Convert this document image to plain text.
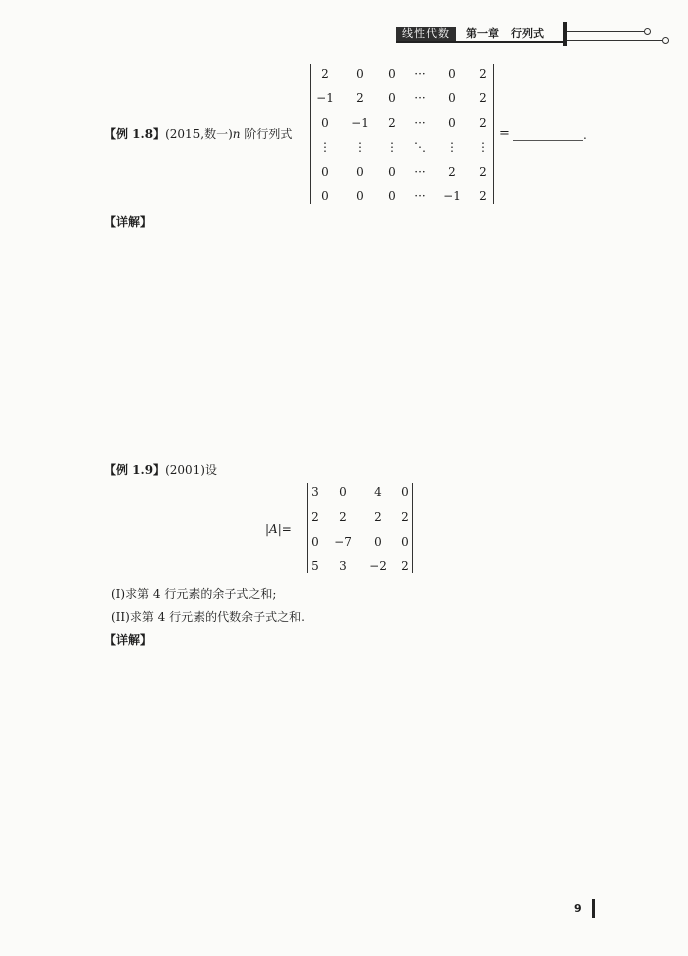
线性代数	第一章 行列式
【例 1.8】(2015,数一)n 阶行列式
2	0	0	···	0	2
−1	2	0	···	0	2
0	−1	2	···	0	2
⋮	⋮	⋮	⋱	⋮	⋮
0	0	0	···	2	2
0	0	0	···	−1	2
=	.
【详解】
【例 1.9】(2001)设
|A|=
3	0	4	0
2	2	2	2
0	−7	0	0
5	3	−2	2
(I)求第 4 行元素的余子式之和;
(II)求第 4 行元素的代数余子式之和.
【详解】
9
